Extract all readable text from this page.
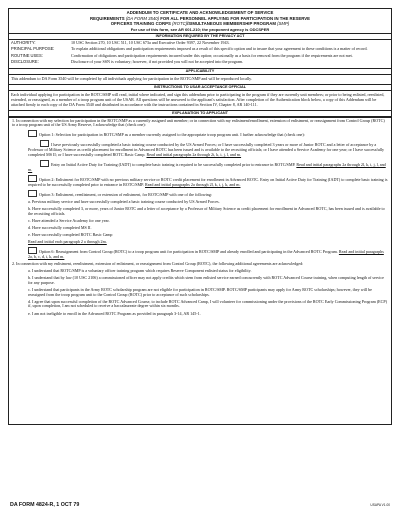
ADDENDUM TO CERTIFICATE AND ACKNOWLEDGEMENT OF SERVICE
REQUIREMENTS (DA FORM 3540) FOR ALL PERSONNEL APPLYING FOR PARTICIPATION IN THE RESERVE
OFFICERS TRAINING CORPS (ROTC)/SIMULTANEOUS MEMBERSHIP PROGRAM (SMP)
For use of this form, see AR 601-210; the proponent agency is ODCSPER
INFORMATION REQUIRED BY THE PRIVACY ACT
AUTHORITY:	10 USC Section 270, 10 USC 511, 10 USC 673a and Executive Order 9397, 22 November 1943.
PRINCIPAL PURPOSE:	To explain additional obligations and participation requirements imposed as a result of this specific option and to insure that your agreement to these conditions is a matter of record.
ROUTINE USES:	Confirmation of obligations and participation requirements incurred under this option; occasionally as a basis for removal from the program if the requirements are not met.
DISCLOSURE:	Disclosure of your SSN is voluntary; however, if not provided you will not be accepted into the program.
APPLICABILITY
This addendum to DA Form 3540 will be completed by all individuals applying for participation in the ROTC/SMP and will be reproduced locally.
INSTRUCTIONS TO USAR ACCEPTANCE OFFICIAL
Each individual applying for participation in the ROTC/SMP will read, initial where indicated, and sign this addendum prior to participating in the program if they are currently unit members; or prior to being enlisted, reenlisted, extended, or reassigned, as a member of a troop program unit of the USAR. All questions will be answered to the applicant's satisfaction. After completion of the Authentication block below, a copy of this Addendum will be attached firmly to each copy of the DA Form 3540 and distributed in accordance with the instructions contained in Section IV, Chapter 8, AR 140-111.
EXPLANATION TO APPLICANT

1. In connection with my selection for participation in the ROTC/SMP as a currently assigned unit member; or in connection with my enlistment/enrollment, extension of enlistment, or reassignment from Control Group (ROTC) to a troop program unit of the US Army Reserve, I acknowledge that (check one):

Option 1: Selection for participation in ROTC/SMP as a member currently assigned to the appropriate troop program unit. I further acknowledge that (check one):

I have previously successfully completed a basic training course conducted by the US Armed Forces; or I have successfully completed 3 years or more of Junior ROTC and a letter of acceptance by a Professor of Military Science as credit placement for enrollment in Advanced ROTC has been issued and is available to the recruiting officials; or I have attended a Service Academy for one year; or I have successfully completed MS II; or I have successfully completed ROTC Basic Camp. Read and initial paragraphs 2a through 2i, k, i, j, l, and m.

Entry on Initial Active Duty for Training (IADT) to complete basic training is required to be successfully completed prior to entrance in ROTC/SMP. Read and initial paragraphs 2a through 2l, k, i, j, l, and m.

Option 2: Enlistment for ROTC/SMP with no previous military service or ROTC credit placement for enrollment in Advanced ROTC. Entry on Initial Active Duty for Training (IADT) to complete basic training is required to be successfully completed prior to entrance in ROTC/SMP. Read and initial paragraphs 2a through 2l, k, i, j, k, and m.

Option 3: Enlistment, reenlistment, or extension of enlistment, for ROTC/SMP with one of the following:

a. Previous military service and have successfully completed a basic training course conducted by US Armed Forces.

b. Have successfully completed 3, or more, years of Junior ROTC and a letter of acceptance by a Professor of Military Science as credit placement for enrollment in Advanced ROTC, has been issued and is available to the recruiting officials.

c. Have attended a Service Academy for one year.

d. Have successfully completed MS II.

e. Have successfully completed ROTC Basic Camp

Read and initial each paragraph 2 a through 2m.

Option 6: Reassignment from Control Group (ROTC) to a troop program unit for participation in ROTC/SMP and already enrolled and participating in the Advanced ROTC Program. Read and initial paragraphs 2a, b, c, d, i, k, and m.

2. In connection with my enlistment, reenlistment, extension of enlistment, or reassignment from Control Group (ROTC), the following additional agreements are acknowledged:

a. I understand that ROTC/SMP is a voluntary officer training program which requires Reserve Component enlisted status for eligibility.

b. I understand that by law (10 USC 2106) a commissioned officer may not apply credits which stem from enlisted service earned concurrently with ROTC Advanced Course training, when computing length of service for any purpose.

c. I understand that participants in the Army ROTC scholarship program are not eligible for participation in ROTC/SMP. ROTC/SMP participants may apply for Army ROTC scholarships; however, they will be reassigned from the troop program unit to the Control Group (ROTC) prior to acceptance of such scholarships.

d. I agree that upon successful completion of the ROTC Advanced Course, to include ROTC Advanced Camp, I will volunteer for commissioning under the provisions of the ROTC Early Commissioning Program (ECP) if, upon completion, I am not scheduled to receive a baccalaureate degree within six months.

e. I am not ineligible to enroll in the Advanced ROTC Program as provided in paragraph 3-14, AR 145-1.

DA FORM 4824-R, 1 OCT 79	USAPA V1.00
